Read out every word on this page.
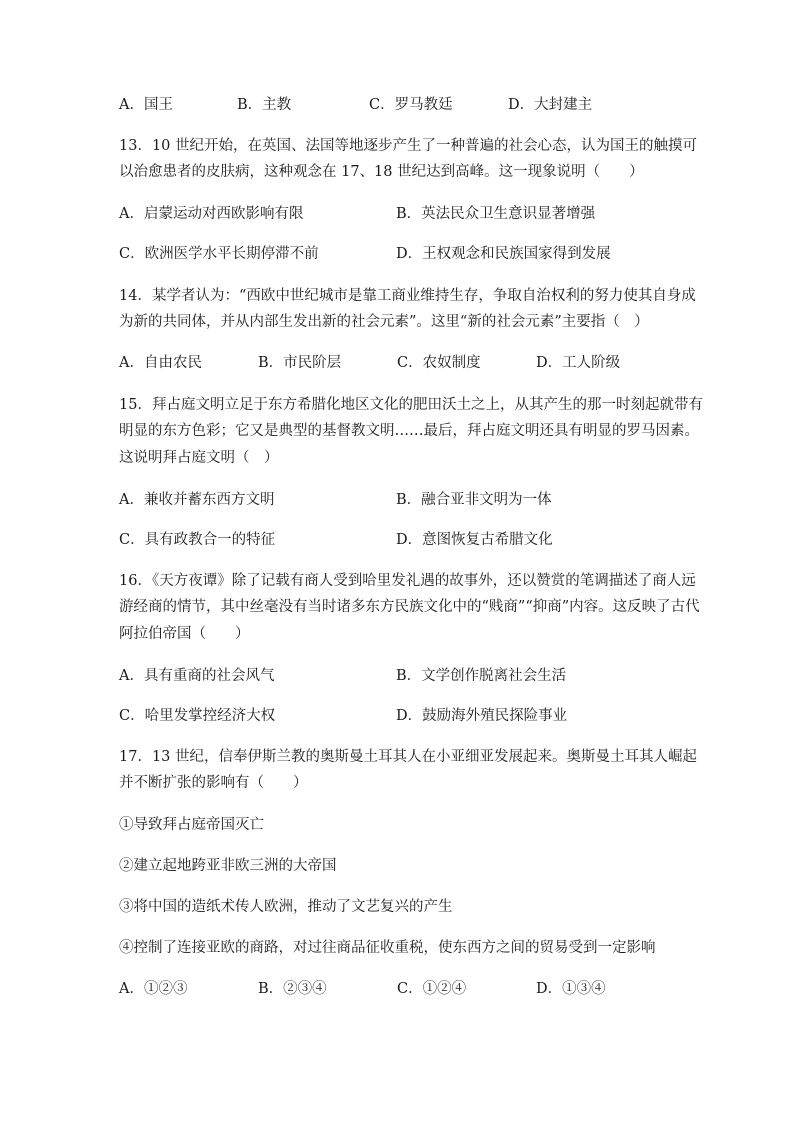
A．国王	B．主教	C．罗马教廷	D．大封建主
13．10 世纪开始，在英国、法国等地逐步产生了一种普遍的社会心态，认为国王的触摸可
以治愈患者的皮肤病，这种观念在 17、18 世纪达到高峰。这一现象说明（　　）
A．启蒙运动对西欧影响有限	B．英法民众卫生意识显著增强
C．欧洲医学水平长期停滞不前	D．王权观念和民族国家得到发展
14．某学者认为：“西欧中世纪城市是靠工商业维持生存，争取自治权利的努力使其自身成
为新的共同体，并从内部生发出新的社会元素”。这里“新的社会元素”主要指（　）
A．自由农民	B．市民阶层	C．农奴制度	D．工人阶级
15．拜占庭文明立足于东方希腊化地区文化的肥田沃土之上，从其产生的那一时刻起就带有
明显的东方色彩；它又是典型的基督教文明……最后，拜占庭文明还具有明显的罗马因素。
这说明拜占庭文明（　）
A．兼收并蓄东西方文明	B．融合亚非文明为一体
C．具有政教合一的特征	D．意图恢复古希腊文化
16．《天方夜谭》除了记载有商人受到哈里发礼遇的故事外，还以赞赏的笔调描述了商人远
游经商的情节，其中丝毫没有当时诸多东方民族文化中的“贱商”“抑商”内容。这反映了古代
阿拉伯帝国（　　）
A．具有重商的社会风气	B．文学创作脱离社会生活
C．哈里发掌控经济大权	D．鼓励海外殖民探险事业
17．13 世纪，信奉伊斯兰教的奥斯曼土耳其人在小亚细亚发展起来。奥斯曼土耳其人崛起
并不断扩张的影响有（　　）
①导致拜占庭帝国灭亡
②建立起地跨亚非欧三洲的大帝国
③将中国的造纸术传人欧洲，推动了文艺复兴的产生
④控制了连接亚欧的商路，对过往商品征收重税，使东西方之间的贸易受到一定影响
A．①②③	B．②③④	C．①②④	D．①③④
